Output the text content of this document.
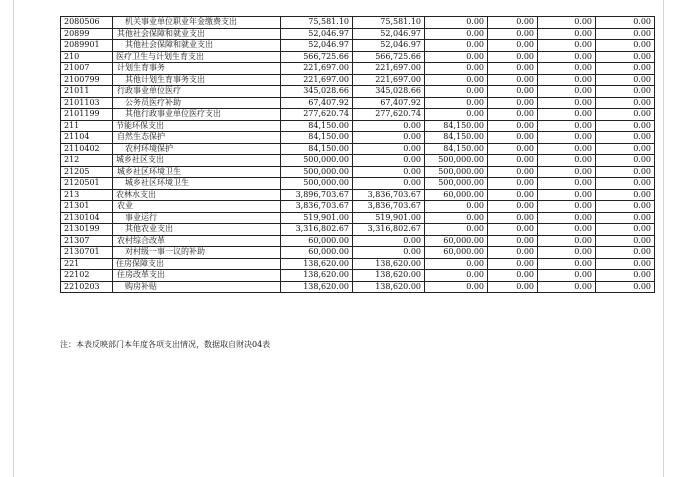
2080506	机关事业单位职业年金缴费支出	75,581.10	75,581.10	0.00	0.00	0.00	0.00
20899	其他社会保障和就业支出	52,046.97	52,046.97	0.00	0.00	0.00	0.00
2089901	其他社会保障和就业支出	52,046.97	52,046.97	0.00	0.00	0.00	0.00
210	医疗卫生与计划生育支出	566,725.66	566,725.66	0.00	0.00	0.00	0.00
21007	计划生育事务	221,697.00	221,697.00	0.00	0.00	0.00	0.00
2100799	其他计划生育事务支出	221,697.00	221,697.00	0.00	0.00	0.00	0.00
21011	行政事业单位医疗	345,028.66	345,028.66	0.00	0.00	0.00	0.00
2101103	公务员医疗补助	67,407.92	67,407.92	0.00	0.00	0.00	0.00
2101199	其他行政事业单位医疗支出	277,620.74	277,620.74	0.00	0.00	0.00	0.00
211	节能环保支出	84,150.00	0.00	84,150.00	0.00	0.00	0.00
21104	自然生态保护	84,150.00	0.00	84,150.00	0.00	0.00	0.00
2110402	农村环境保护	84,150.00	0.00	84,150.00	0.00	0.00	0.00
212	城乡社区支出	500,000.00	0.00	500,000.00	0.00	0.00	0.00
21205	城乡社区环境卫生	500,000.00	0.00	500,000.00	0.00	0.00	0.00
2120501	城乡社区环境卫生	500,000.00	0.00	500,000.00	0.00	0.00	0.00
213	农林水支出	3,896,703.67	3,836,703.67	60,000.00	0.00	0.00	0.00
21301	农业	3,836,703.67	3,836,703.67	0.00	0.00	0.00	0.00
2130104	事业运行	519,901.00	519,901.00	0.00	0.00	0.00	0.00
2130199	其他农业支出	3,316,802.67	3,316,802.67	0.00	0.00	0.00	0.00
21307	农村综合改革	60,000.00	0.00	60,000.00	0.00	0.00	0.00
2130701	对村级一事一议的补助	60,000.00	0.00	60,000.00	0.00	0.00	0.00
221	住房保障支出	138,620.00	138,620.00	0.00	0.00	0.00	0.00
22102	住房改革支出	138,620.00	138,620.00	0.00	0.00	0.00	0.00
2210203	购房补贴	138,620.00	138,620.00	0.00	0.00	0.00	0.00
注：本表反映部门本年度各项支出情况，数据取自财决04表
